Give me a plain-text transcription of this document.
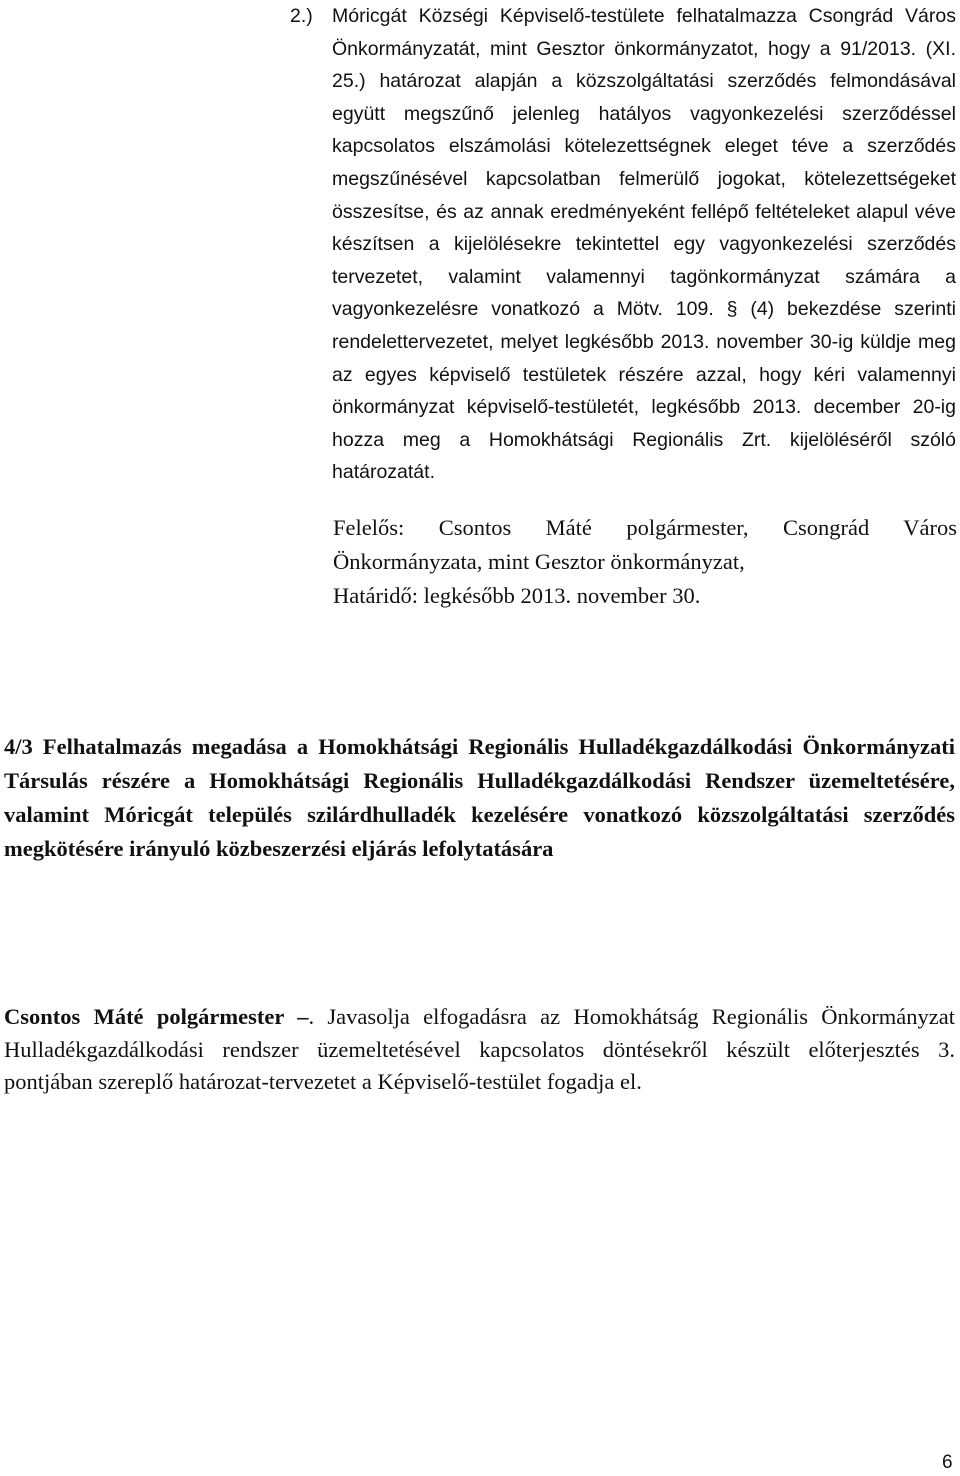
2.) Móricgát Községi Képviselő-testülete felhatalmazza Csongrád Város Önkormányzatát, mint Gesztor önkormányzatot, hogy a 91/2013. (XI. 25.) határozat alapján a közszolgáltatási szerződés felmondásával együtt megszűnő jelenleg hatályos vagyonkezelési szerződéssel kapcsolatos elszámolási kötelezettségnek eleget téve a szerződés megszűnésével kapcsolatban felmerülő jogokat, kötelezettségeket összesítse, és az annak eredményeként fellépő feltételeket alapul véve készítsen a kijelölésekre tekintettel egy vagyonkezelési szerződés tervezetet, valamint valamennyi tagönkormányzat számára a vagyonkezelésre vonatkozó a Mötv. 109. § (4) bekezdése szerinti rendelettervezetet, melyet legkésőbb 2013. november 30-ig küldje meg az egyes képviselő testületek részére azzal, hogy kéri valamennyi önkormányzat képviselő-testületét, legkésőbb 2013. december 20-ig hozza meg a Homokhátsági Regionális Zrt. kijelöléséről szóló határozatát.
Felelős: Csontos Máté polgármester, Csongrád Város Önkormányzata, mint Gesztor önkormányzat,
Határidő: legkésőbb 2013. november 30.
4/3 Felhatalmazás megadása a Homokhátsági Regionális Hulladékgazdálkodási Önkormányzati Társulás részére a Homokhátsági Regionális Hulladékgazdálkodási Rendszer üzemeltetésére, valamint Móricgát település szilárdhulladék kezelésére vonatkozó közszolgáltatási szerződés megkötésére irányuló közbeszerzési eljárás lefolytatására
Csontos Máté polgármester –. Javasolja elfogadásra az Homokhátság Regionális Önkormányzat Hulladékgazdálkodási rendszer üzemeltetésével kapcsolatos döntésekről készült előterjesztés 3. pontjában szereplő határozat-tervezetet a Képviselő-testület fogadja el.
6
